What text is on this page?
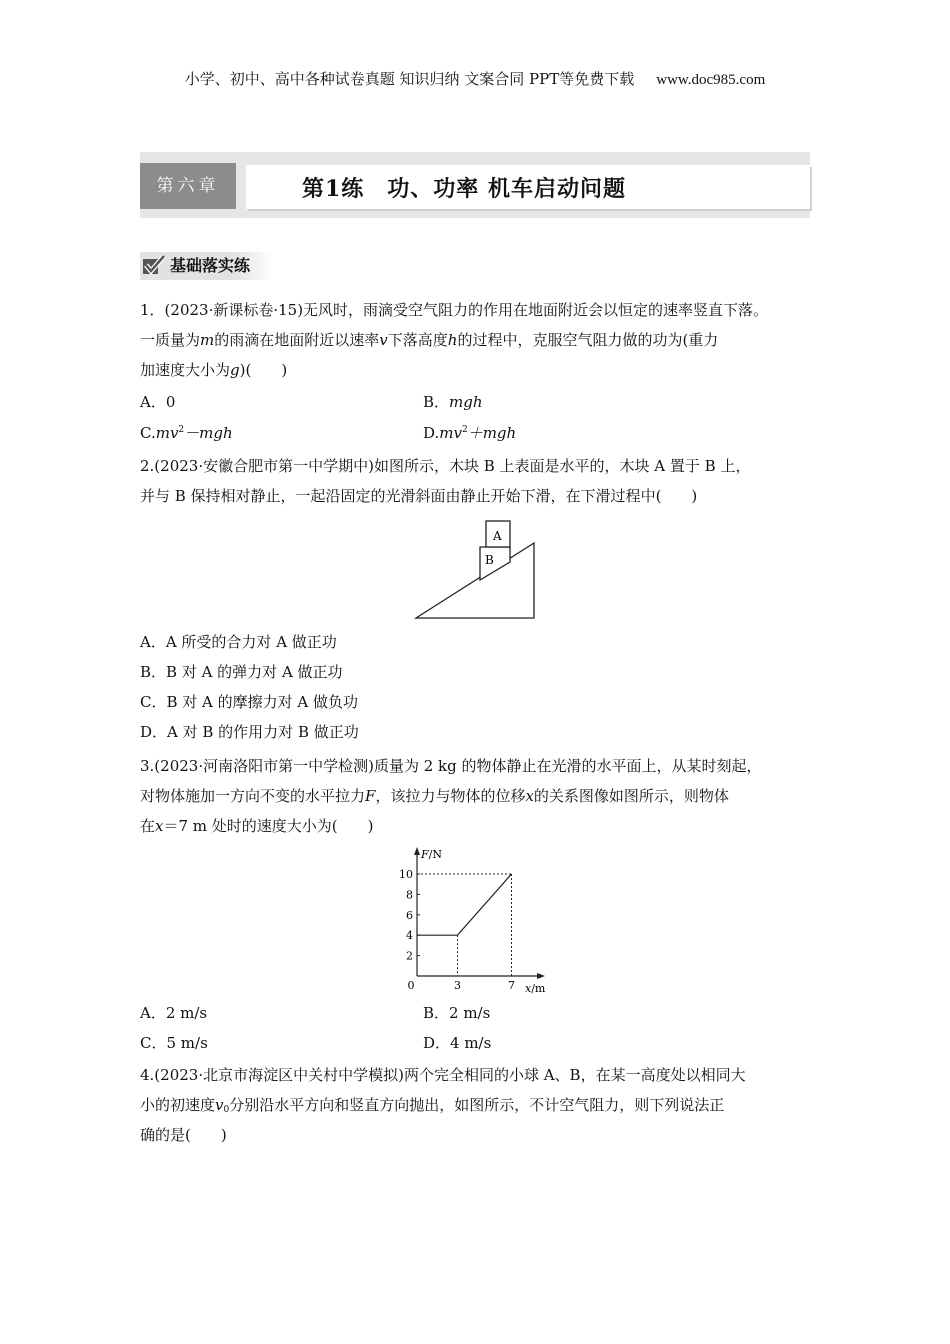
小学、初中、高中各种试卷真题 知识归纳 文案合同 PPT等免费下载 www.doc985.com
第六章	第1练　功、功率 机车启动问题
基础落实练
1．(2023·新课标卷·15)无风时，雨滴受空气阻力的作用在地面附近会以恒定的速率竖直下落。
一质量为m的雨滴在地面附近以速率v下落高度h的过程中，克服空气阻力做的功为(重力
加速度大小为g)(　　)
A．0	B．mgh
$C.mv^2-mgh$	$D.mv^2+mgh$
2.(2023·安徽合肥市第一中学期中)如图所示，木块 B 上表面是水平的，木块 A 置于 B 上，
并与 B 保持相对静止，一起沿固定的光滑斜面由静止开始下滑，在下滑过程中(　　)
A
B
A．A 所受的合力对 A 做正功
B．B 对 A 的弹力对 A 做正功
C．B 对 A 的摩擦力对 A 做负功
D．A 对 B 的作用力对 B 做正功
3.(2023·河南洛阳市第一中学检测)质量为 2 kg 的物体静止在光滑的水平面上，从某时刻起，
对物体施加一方向不变的水平拉力F，该拉力与物体的位移x的关系图像如图所示，则物体
在x＝7 m 处时的速度大小为(　　)
F/N
x/m
2
4
6
8
10
0	3	7
A．2 m/s	B．2 m/s
C．5 m/s	D．4 m/s
4.(2023·北京市海淀区中关村中学模拟)两个完全相同的小球 A、B，在某一高度处以相同大
小的初速度$v_0$分别沿水平方向和竖直方向抛出，如图所示，不计空气阻力，则下列说法正
确的是(　　)
